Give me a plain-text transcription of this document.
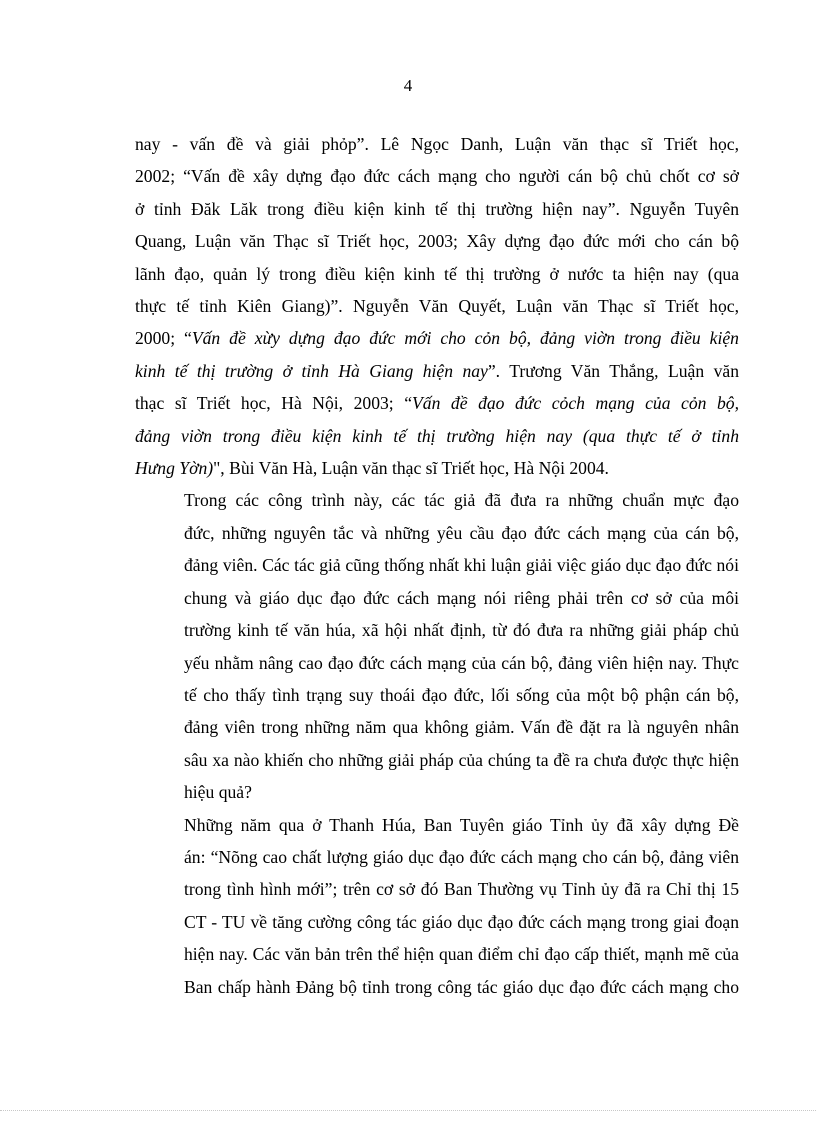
4

nay - vấn đề và giải phỏp”. Lê Ngọc Danh, Luận văn thạc sĩ Triết học,
2002; “Vấn đề xây dựng đạo đức cách mạng cho người cán bộ chủ chốt cơ sở
ở tỉnh Đăk Lăk trong điều kiện kinh tế thị trường hiện nay”. Nguyễn Tuyên
Quang, Luận văn Thạc sĩ Triết học, 2003; Xây dựng đạo đức mới cho cán bộ
lãnh đạo, quản lý trong điều kiện kinh tế thị trường ở nước ta hiện nay (qua
thực tế tỉnh Kiên Giang)”. Nguyễn Văn Quyết, Luận văn Thạc sĩ Triết học,
2000; “Vấn đề xừy dựng đạo đức mới cho cỏn bộ, đảng viờn trong điều kiện
kinh tế thị trường ở tỉnh Hà Giang hiện nay”. Trương Văn Thắng, Luận văn
thạc sĩ Triết học, Hà Nội, 2003; “Vấn đề đạo đức cỏch mạng của cỏn bộ,
đảng viờn trong điều kiện kinh tế thị trường hiện nay (qua thực tế ở tỉnh
Hưng Yờn)", Bùi Văn Hà, Luận văn thạc sĩ Triết học, Hà Nội 2004.

Trong các công trình này, các tác giả đã đưa ra những chuẩn mực đạo
đức, những nguyên tắc và những yêu cầu đạo đức cách mạng của cán bộ,
đảng viên. Các tác giả cũng thống nhất khi luận giải việc giáo dục đạo đức nói
chung và giáo dục đạo đức cách mạng nói riêng phải trên cơ sở của môi
trường kinh tế văn húa, xã hội nhất định, từ đó đưa ra những giải pháp chủ
yếu nhằm nâng cao đạo đức cách mạng của cán bộ, đảng viên hiện nay. Thực
tế cho thấy tình trạng suy thoái đạo đức, lối sống của một bộ phận cán bộ,
đảng viên trong những năm qua không giảm. Vấn đề đặt ra là nguyên nhân
sâu xa nào khiến cho những giải pháp của chúng ta đề ra chưa được thực hiện
hiệu quả?

Những năm qua ở Thanh Húa, Ban Tuyên giáo Tỉnh ủy đã xây dựng Đề
án: “Nõng cao chất lượng giáo dục đạo đức cách mạng cho cán bộ, đảng viên
trong tình hình mới”; trên cơ sở đó Ban Thường vụ Tỉnh ủy đã ra Chỉ thị 15
CT - TU về tăng cường công tác giáo dục đạo đức cách mạng trong giai đoạn
hiện nay. Các văn bản trên thể hiện quan điểm chỉ đạo cấp thiết, mạnh mẽ của
Ban chấp hành Đảng bộ tỉnh trong công tác giáo dục đạo đức cách mạng cho
